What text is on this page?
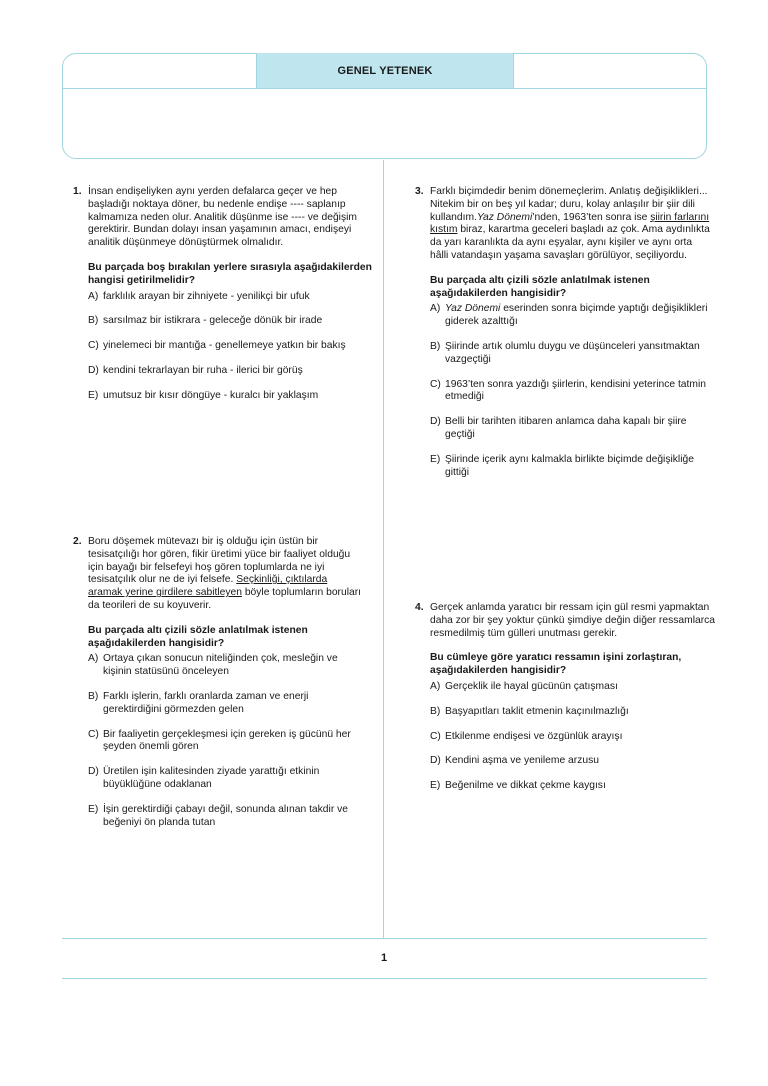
GENEL YETENEK
1. İnsan endişeliyken aynı yerden defalarca geçer ve hep başladığı noktaya döner, bu nedenle endişe ---- saplanıp kalmamıza neden olur. Analitik düşünme ise ---- ve değişim gerektirir. Bundan dolayı insan yaşamının amacı, endişeyi analitik düşünmeye dönüştürmek olmalıdır.

Bu parçada boş bırakılan yerlere sırasıyla aşağıdakilerden hangisi getirilmelidir?

A) farklılık arayan bir zihniyete - yenilikçi bir ufuk
B) sarsılmaz bir istikrara - geleceğe dönük bir irade
C) yinelemeci bir mantığa - genellemeye yatkın bir bakış
D) kendini tekrarlayan bir ruha - ilerici bir görüş
E) umutsuz bir kısır döngüye - kuralcı bir yaklaşım
2. Boru döşemek mütevazı bir iş olduğu için üstün bir tesisatçılığı hor gören, fikir üretimi yüce bir faaliyet olduğu için bayağı bir felsefeyi hoş gören toplumlarda ne iyi tesisatçılık olur ne de iyi felsefe. Seçkinliği, çıktılarda aramak yerine girdilere sabitleyen böyle toplumların boruları da teorileri de su koyuverir.

Bu parçada altı çizili sözle anlatılmak istenen aşağıdakilerden hangisidir?

A) Ortaya çıkan sonucun niteliğinden çok, mesleğin ve kişinin statüsünü önceleyen
B) Farklı işlerin, farklı oranlarda zaman ve enerji gerektirdiğini görmezden gelen
C) Bir faaliyetin gerçekleşmesi için gereken iş gücünü her şeyden önemli gören
D) Üretilen işin kalitesinden ziyade yarattığı etkinin büyüklüğüne odaklanan
E) İşin gerektirdiği çabayı değil, sonunda alınan takdir ve beğeniyi ön planda tutan
3. Farklı biçimdedir benim dönemeçlerim. Anlatış değişiklikleri... Nitekim bir on beş yıl kadar; duru, kolay anlaşılır bir şiir dili kullandım.Yaz Dönemi’nden, 1963’ten sonra ise şiirin farlarını kıstım biraz, karartma geceleri başladı az çok. Ama aydınlıkta da yarı karanlıkta da aynı eşyalar, aynı kişiler ve aynı orta hâlli vatandaşın yaşama savaşları görülüyor, seçiliyordu.

Bu parçada altı çizili sözle anlatılmak istenen aşağıdakilerden hangisidir?

A) Yaz Dönemi eserinden sonra biçimde yaptığı değişiklikleri giderek azalttığı
B) Şiirinde artık olumlu duygu ve düşünceleri yansıtmaktan vazgeçtiği
C) 1963’ten sonra yazdığı şiirlerin, kendisini yeterince tatmin etmediği
D) Belli bir tarihten itibaren anlamca daha kapalı bir şiire geçtiği
E) Şiirinde içerik aynı kalmakla birlikte biçimde değişikliğe gittiği
4. Gerçek anlamda yaratıcı bir ressam için gül resmi yapmaktan daha zor bir şey yoktur çünkü şimdiye değin diğer ressamlarca resmedilmiş tüm gülleri unutması gerekir.

Bu cümleye göre yaratıcı ressamın işini zorlaştıran, aşağıdakilerden hangisidir?

A) Gerçeklik ile hayal gücünün çatışması
B) Başyapıtları taklit etmenin kaçınılmazlığı
C) Etkilenme endişesi ve özgünlük arayışı
D) Kendini aşma ve yenileme arzusu
E) Beğenilme ve dikkat çekme kaygısı
1
